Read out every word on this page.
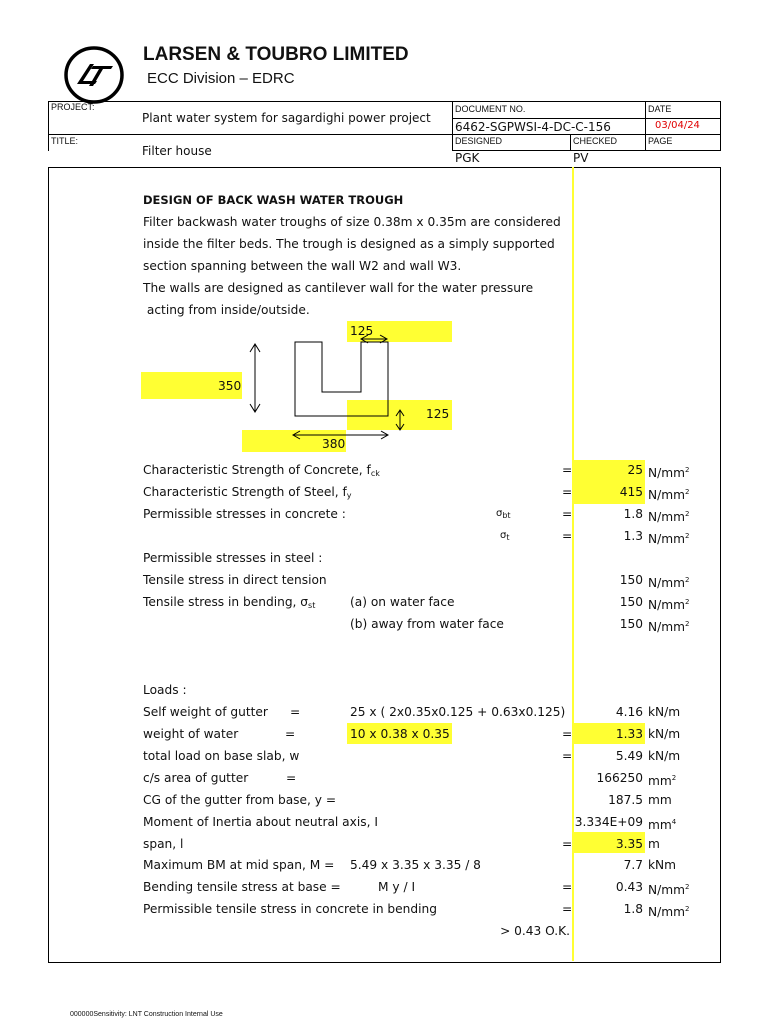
LARSEN & TOUBRO LIMITED
ECC Division – EDRC
PROJECT:
Plant water system for sagardighi power project
TITLE:
Filter house
DOCUMENT NO.
6462-SGPWSI-4-DC-C-156
DATE
03/04/24
DESIGNED
PGK
CHECKED
PV
PAGE
DESIGN OF BACK WASH WATER TROUGH
Filter backwash water troughs of size 0.38m x 0.35m are considered
inside the filter beds. The trough is designed as a simply supported
section spanning between the wall W2 and wall W3.
The walls are designed as cantilever wall for the water pressure
acting from inside/outside.
125
350
125
380
Characteristic Strength of Concrete, $f_{ck}$	=	25 $N/mm^2$
Characteristic Strength of Steel, $f_y$	=	415 $N/mm^2$
Permissible stresses in concrete :	$\sigma_{bt}$	=	1.8 $N/mm^2$
$\sigma_t$	=	1.3 $N/mm^2$
Permissible stresses in steel :
Tensile stress in direct tension	150 $N/mm^2$
Tensile stress in bending, $\sigma_{st}$	(a) on water face	150 $N/mm^2$
(b) away from water face	150 $N/mm^2$
Loads :
Self weight of gutter =	25 x ( 2x0.35x0.125 + 0.63x0.125)	4.16 kN/m
weight of water	=	10 x 0.38 x 0.35	=	1.33 kN/m
total load on base slab, w	=	5.49 kN/m
c/s area of gutter	=	166250 $mm^2$
CG of the gutter from base, y =	187.5 mm
Moment of Inertia about neutral axis, I	3.334E+09 $mm^4$
span, l	=	3.35 m
Maximum BM at mid span, M = 5.49 x 3.35 x 3.35 / 8	7.7 kNm
Bending tensile stress at base =	M y / I	=	0.43 $N/mm^2$
Permissible tensile stress in concrete in bending	=	1.8 $N/mm^2$
> 0.43 O.K.
000000Sensitivity: LNT Construction Internal Use
